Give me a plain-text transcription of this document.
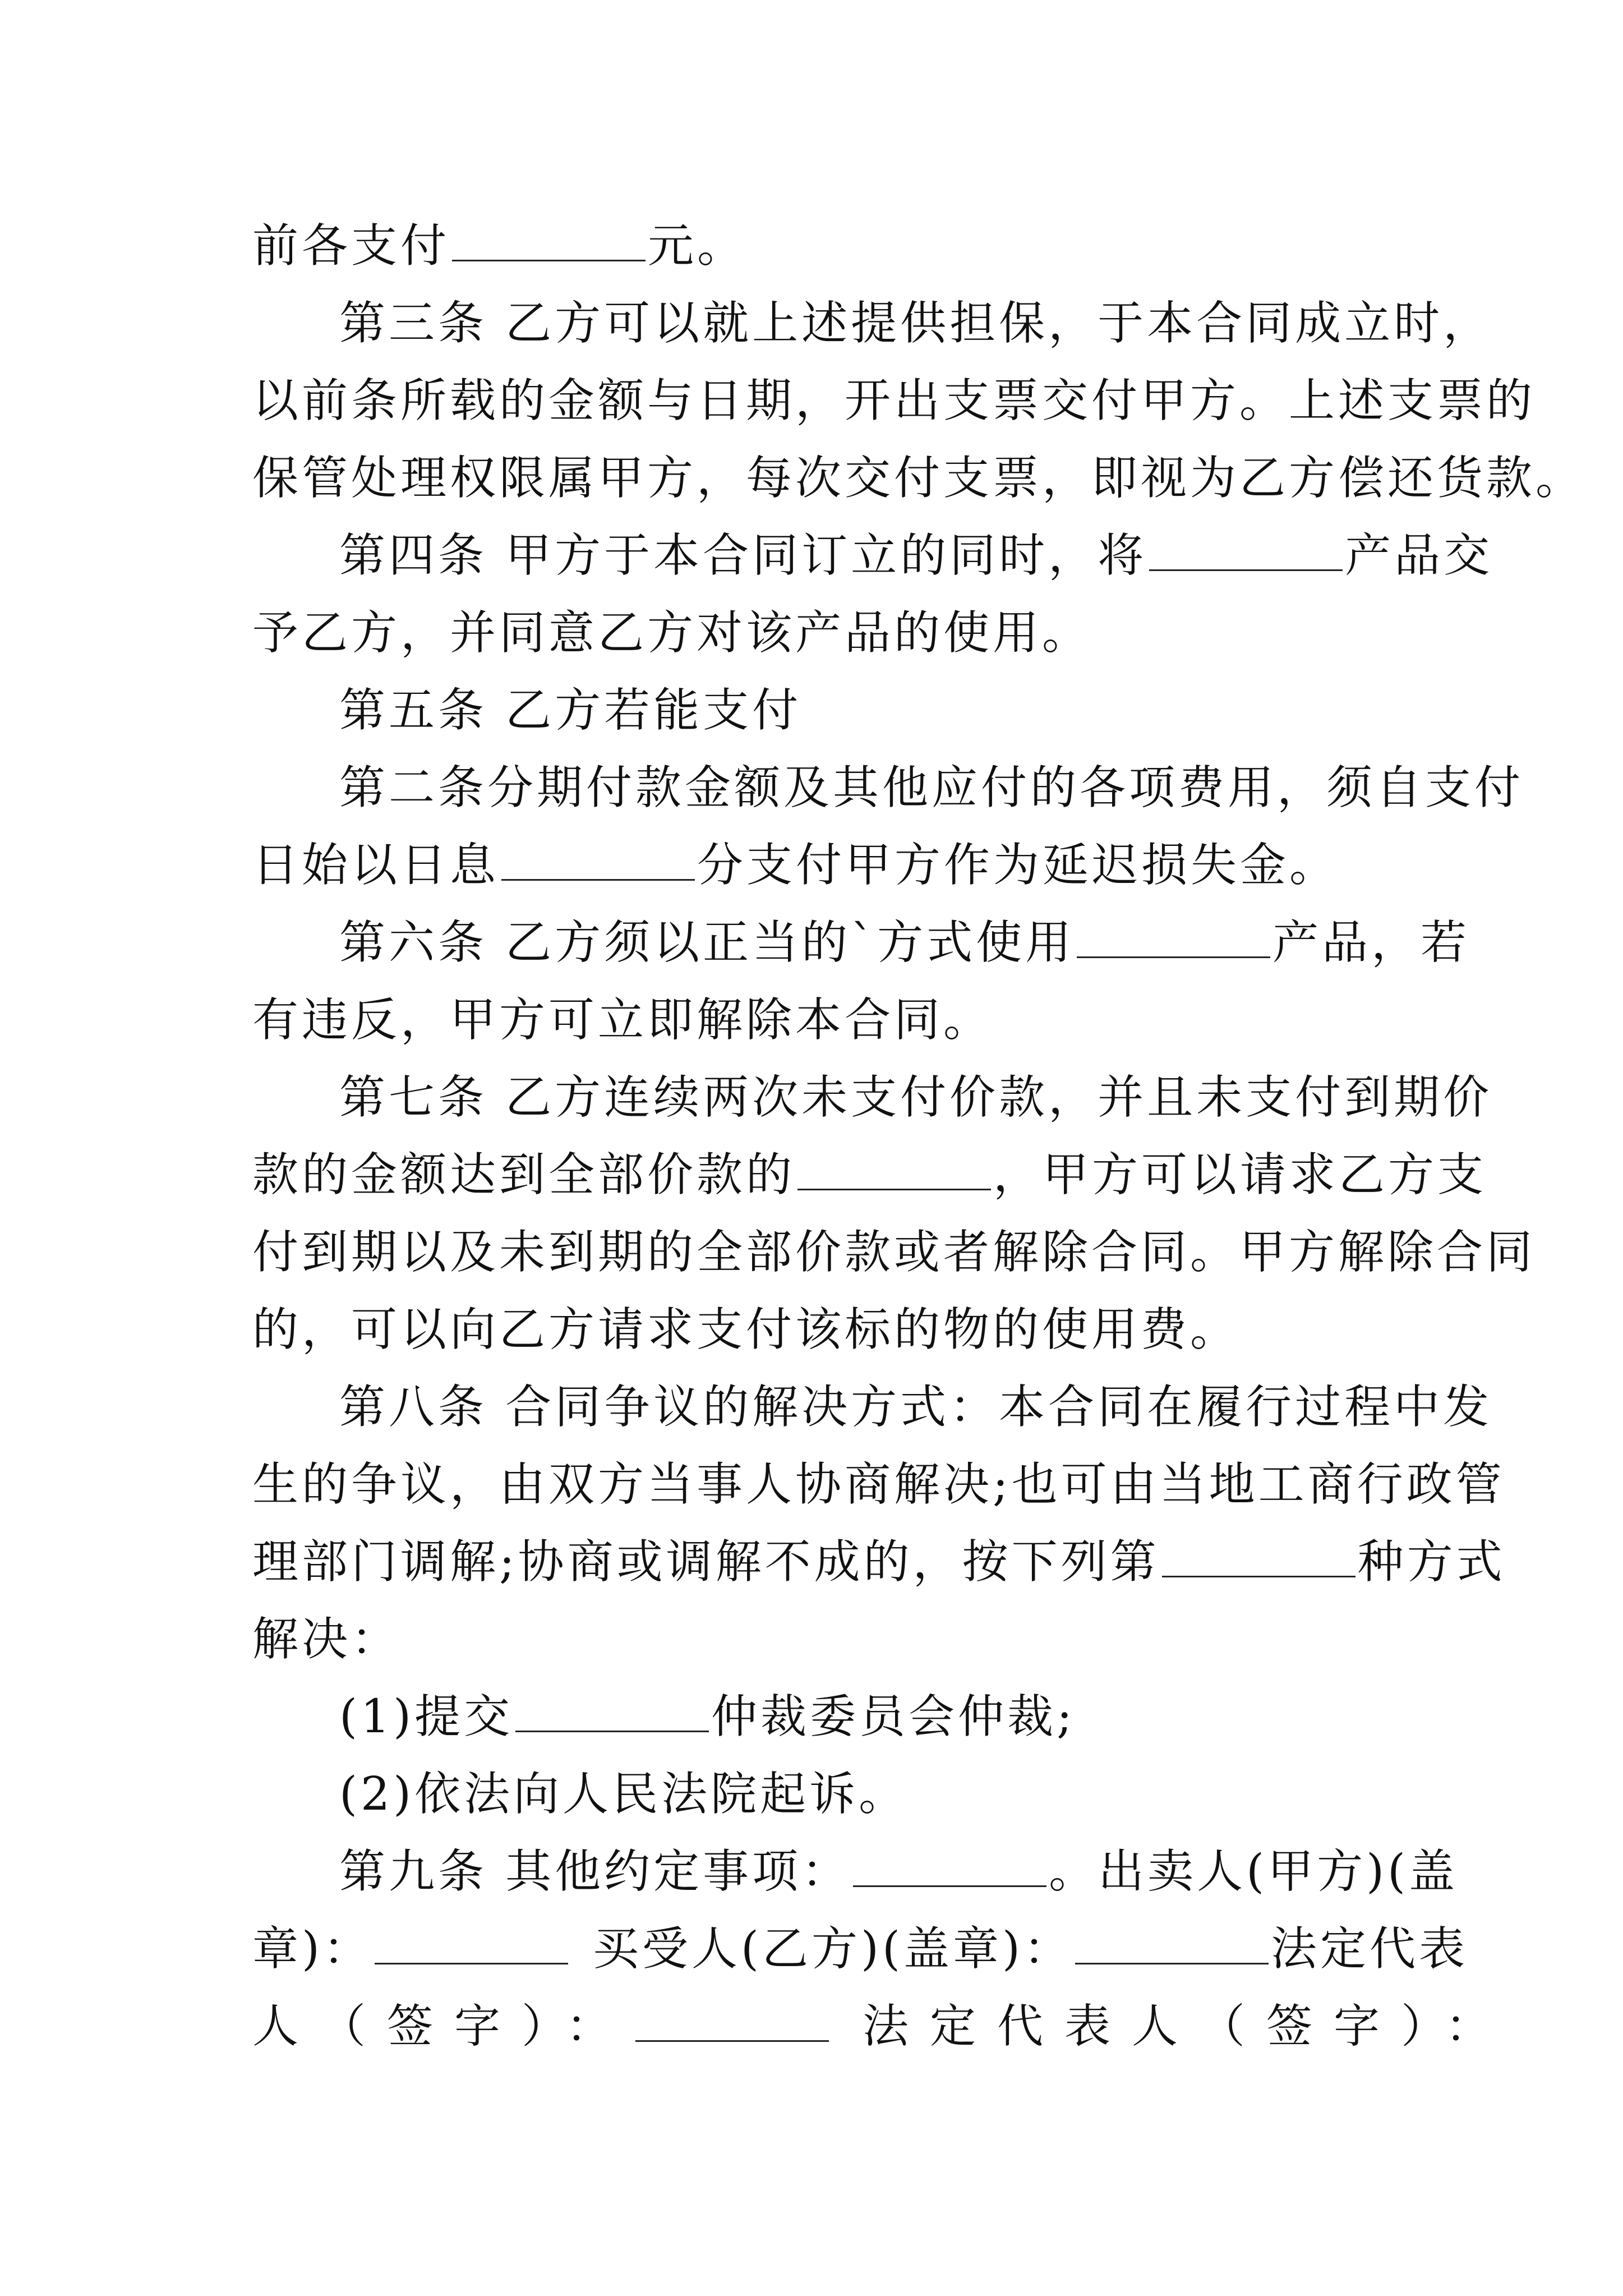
前各支付	元。
第三条 乙方可以就上述提供担保，于本合同成立时，
以前条所载的金额与日期，开出支票交付甲方。上述支票的
保管处理权限属甲方，每次交付支票，即视为乙方偿还货款。
第四条 甲方于本合同订立的同时，将	产品交
予乙方，并同意乙方对该产品的使用。
第五条 乙方若能支付
第二条分期付款金额及其他应付的各项费用，须自支付
日始以日息	分支付甲方作为延迟损失金。
第六条 乙方须以正当的`方式使用	产品，若
有违反，甲方可立即解除本合同。
第七条 乙方连续两次未支付价款，并且未支付到期价
款的金额达到全部价款的	，甲方可以请求乙方支
付到期以及未到期的全部价款或者解除合同。甲方解除合同
的，可以向乙方请求支付该标的物的使用费。
第八条 合同争议的解决方式：本合同在履行过程中发
生的争议，由双方当事人协商解决;也可由当地工商行政管
理部门调解;协商或调解不成的，按下列第	种方式
解决：
(1)提交	仲裁委员会仲裁;
(2)依法向人民法院起诉。
第九条 其他约定事项：	。出卖人(甲方)(盖
章)：	买受人(乙方)(盖章)：	法定代表
人（签字）：	法定代表人（签字）：
